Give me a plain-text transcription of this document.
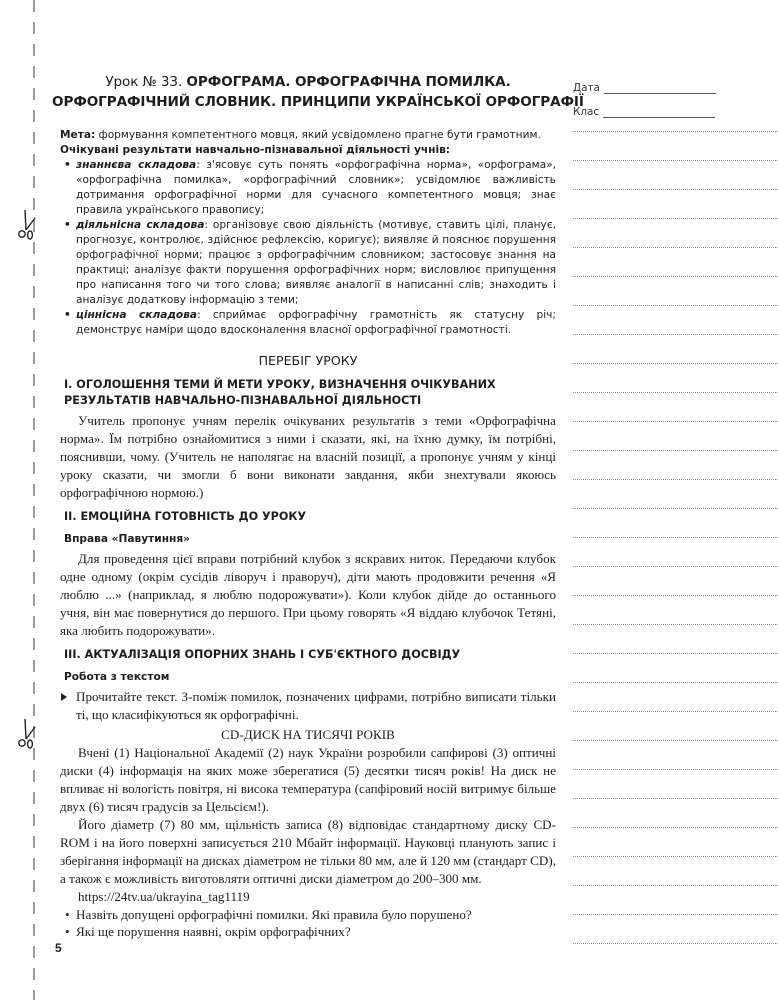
5
Дата
Клас
Урок № 33. ОРФОГРАМА. ОРФОГРАФІЧНА ПОМИЛКА.
ОРФОГРАФІЧНИЙ СЛОВНИК. ПРИНЦИПИ УКРАЇНСЬКОЇ ОРФОГРАФІЇ

Мета: формування компетентного мовця, який усвідомлено прагне бути грамотним.

Очікувані результати навчально-пізнавальної діяльності учнів:

• знаннєва складова: з'ясовує суть понять «орфографічна норма», «орфограма», «орфографічна помилка», «орфографічний словник»; усвідомлює важливість дотримання орфографічної норми для сучасного компетентного мовця; знає правила українського правопису;
• діяльнісна складова: організовує свою діяльність (мотивує, ставить цілі, планує, прогнозує, контролює, здійснює рефлексію, коригує); виявляє й пояснює порушення орфографічної норми; працює з орфографічним словником; застосовує знання на практиці; аналізує факти порушення орфографічних норм; висловлює припущення про написання того чи того слова; виявляє аналогії в написанні слів; знаходить і аналізує додаткову інформацію з теми;
• ціннісна складова: сприймає орфографічну грамотність як статусну річ; демонструє наміри щодо вдосконалення власної орфографічної грамотності.
ПЕРЕБІГ УРОКУ
І. ОГОЛОШЕННЯ ТЕМИ Й МЕТИ УРОКУ, ВИЗНАЧЕННЯ ОЧІКУВАНИХ РЕЗУЛЬТАТІВ НАВЧАЛЬНО-ПІЗНАВАЛЬНОЇ ДІЯЛЬНОСТІ

Учитель пропонує учням перелік очікуваних результатів з теми «Орфографічна норма». Їм потрібно ознайомитися з ними і сказати, які, на їхню думку, їм потрібні, пояснивши, чому. (Учитель не наполягає на власній позиції, а пропонує учням у кінці уроку сказати, чи змогли б вони виконати завдання, якби знехтували якоюсь орфографічною нормою.)

ІІ. ЕМОЦІЙНА ГОТОВНІСТЬ ДО УРОКУ
Вправа «Павутиння»

Для проведення цієї вправи потрібний клубок з яскравих ниток. Передаючи клубок одне одному (окрім сусідів ліворуч і праворуч), діти мають продовжити речення «Я люблю ...» (наприклад, я люблю подорожувати»). Коли клубок дійде до останнього учня, він має повернутися до першого. При цьому говорять «Я віддаю клубочок Тетяні, яка любить подорожувати».

ІІІ. АКТУАЛІЗАЦІЯ ОПОРНИХ ЗНАНЬ І СУБ'ЄКТНОГО ДОСВІДУ
Робота з текстом
Прочитайте текст. З-поміж помилок, позначених цифрами, потрібно виписати тільки ті, що класифікуються як орфографічні.
CD-ДИСК НА ТИСЯЧІ РОКІВ

Вчені (1) Національної Академії (2) наук України розробили сапфирові (3) оптичні диски (4) інформація на яких може зберегатися (5) десятки тисяч років! На диск не впливає ні вологість повітря, ні висока температура (сапфіровий носій витримує більше двух (6) тисяч градусів за Цельсієм!).

Його діаметр (7) 80 мм, щільність записа (8) відповідає стандартному диску CD-ROM і на його поверхні записується 210 Мбайт інформації. Науковці планують запис і зберігання інформації на дисках діаметром не тільки 80 мм, але й 120 мм (стандарт CD), а також є можливість виготовляти оптичні диски діаметром до 200–300 мм.

https://24tv.ua/ukrayina_tag1119
• Назвіть допущені орфографічні помилки. Які правила було порушено?
• Які ще порушення наявні, окрім орфографічних?
